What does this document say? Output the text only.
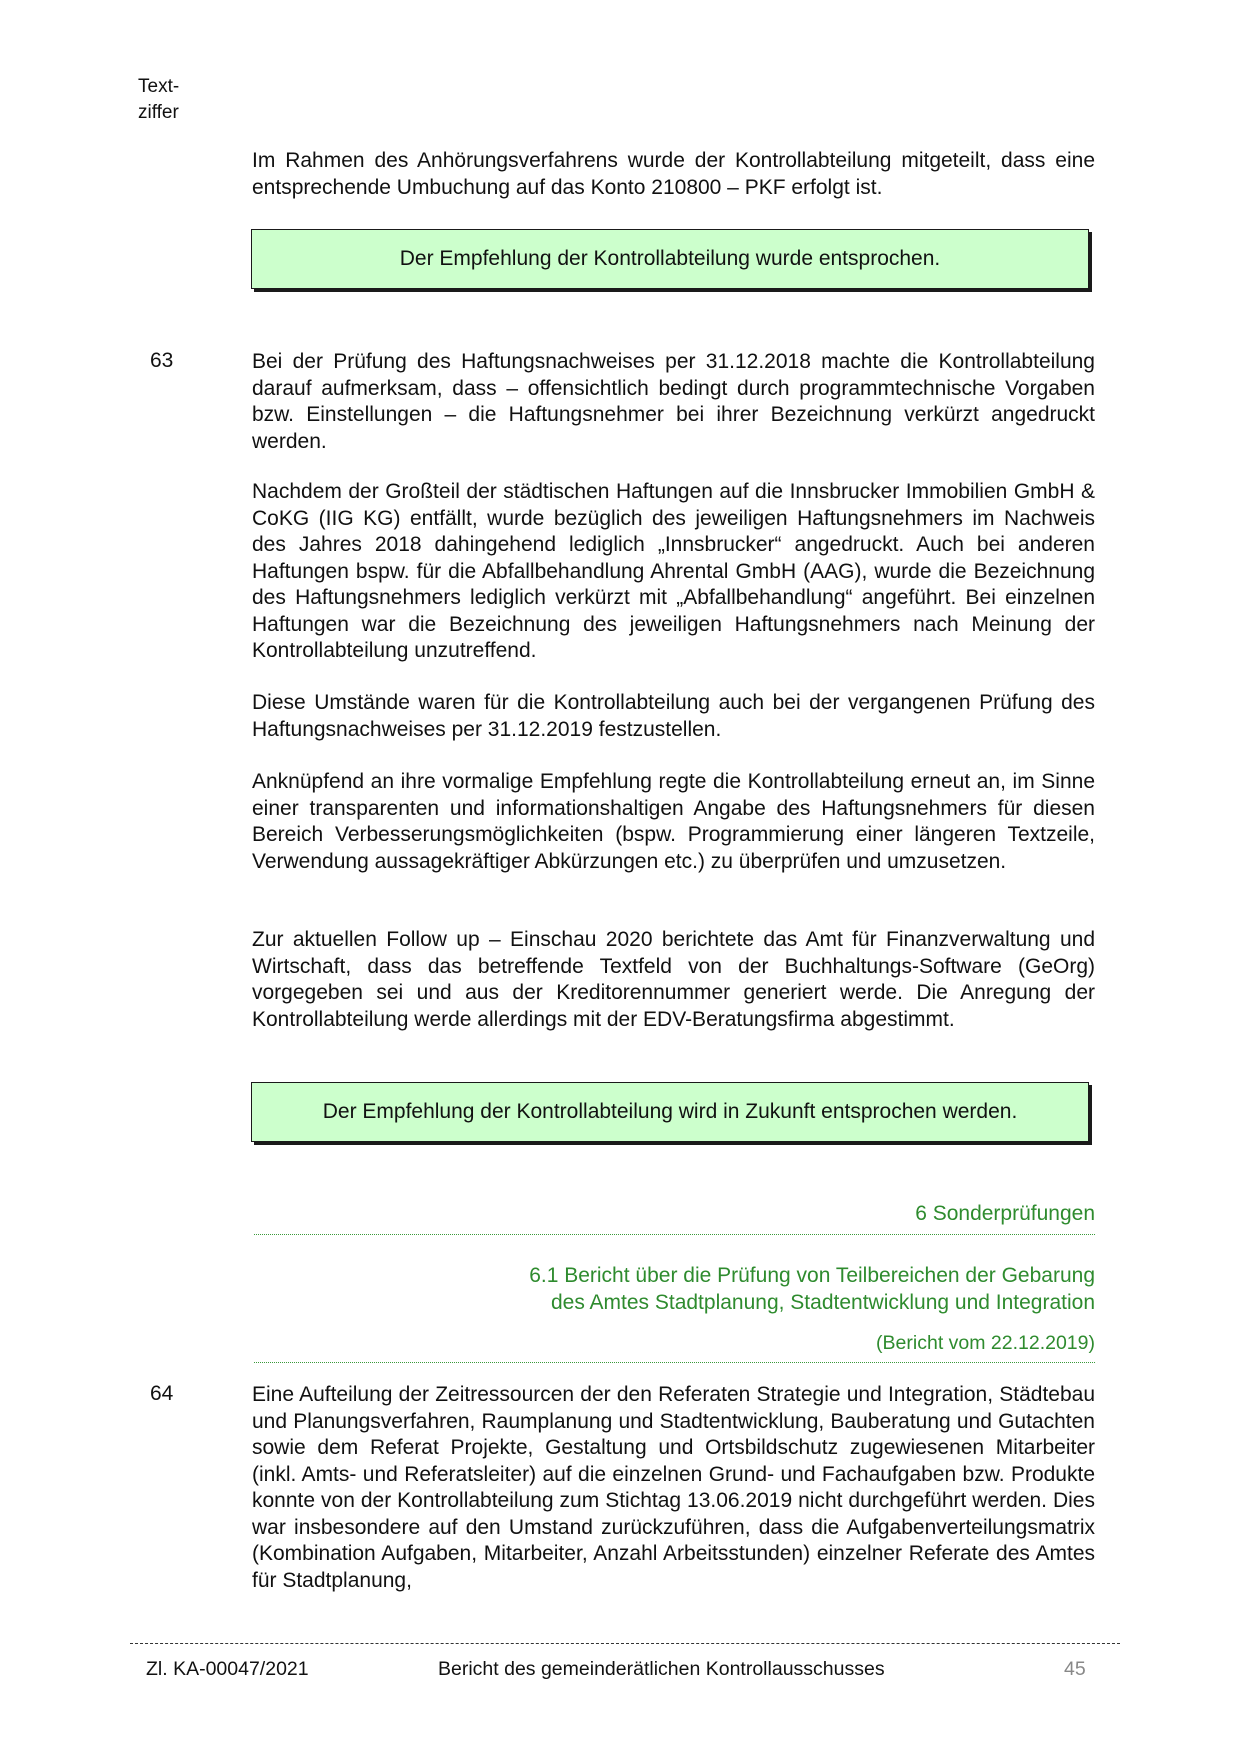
Text-
ziffer

Im Rahmen des Anhörungsverfahrens wurde der Kontrollabteilung mitgeteilt, dass eine entsprechende Umbuchung auf das Konto 210800 – PKF erfolgt ist.

Der Empfehlung der Kontrollabteilung wurde entsprochen.
63	Bei der Prüfung des Haftungsnachweises per 31.12.2018 machte die Kontrollabteilung darauf aufmerksam, dass – offensichtlich bedingt durch programmtechnische Vorgaben bzw. Einstellungen – die Haftungsnehmer bei ihrer Bezeichnung verkürzt angedruckt werden.

Nachdem der Großteil der städtischen Haftungen auf die Innsbrucker Immobilien GmbH & CoKG (IIG KG) entfällt, wurde bezüglich des jeweiligen Haftungsnehmers im Nachweis des Jahres 2018 dahingehend lediglich „Innsbrucker“ angedruckt. Auch bei anderen Haftungen bspw. für die Abfallbehandlung Ahrental GmbH (AAG), wurde die Bezeichnung des Haftungsnehmers lediglich verkürzt mit „Abfallbehandlung“ angeführt. Bei einzelnen Haftungen war die Bezeichnung des jeweiligen Haftungsnehmers nach Meinung der Kontrollabteilung unzutreffend.

Diese Umstände waren für die Kontrollabteilung auch bei der vergangenen Prüfung des Haftungsnachweises per 31.12.2019 festzustellen.

Anknüpfend an ihre vormalige Empfehlung regte die Kontrollabteilung erneut an, im Sinne einer transparenten und informationshaltigen Angabe des Haftungsnehmers für diesen Bereich Verbesserungsmöglichkeiten (bspw. Programmierung einer längeren Textzeile, Verwendung aussagekräftiger Abkürzungen etc.) zu überprüfen und umzusetzen.

Zur aktuellen Follow up – Einschau 2020 berichtete das Amt für Finanzverwaltung und Wirtschaft, dass das betreffende Textfeld von der Buchhaltungs-Software (GeOrg) vorgegeben sei und aus der Kreditorennummer generiert werde. Die Anregung der Kontrollabteilung werde allerdings mit der EDV-Beratungsfirma abgestimmt.

Der Empfehlung der Kontrollabteilung wird in Zukunft entsprochen werden.
6 Sonderprüfungen
6.1 Bericht über die Prüfung von Teilbereichen der Gebarung
des Amtes Stadtplanung, Stadtentwicklung und Integration
(Bericht vom 22.12.2019)
64	Eine Aufteilung der Zeitressourcen der den Referaten Strategie und Integration, Städtebau und Planungsverfahren, Raumplanung und Stadtentwicklung, Bauberatung und Gutachten sowie dem Referat Projekte, Gestaltung und Ortsbildschutz zugewiesenen Mitarbeiter (inkl. Amts- und Referatsleiter) auf die einzelnen Grund- und Fachaufgaben bzw. Produkte konnte von der Kontrollabteilung zum Stichtag 13.06.2019 nicht durchgeführt werden. Dies war insbesondere auf den Umstand zurückzuführen, dass die Aufgabenverteilungsmatrix (Kombination Aufgaben, Mitarbeiter, Anzahl Arbeitsstunden) einzelner Referate des Amtes für Stadtplanung,

Zl. KA-00047/2021	Bericht des gemeinderätlichen Kontrollausschusses	45
